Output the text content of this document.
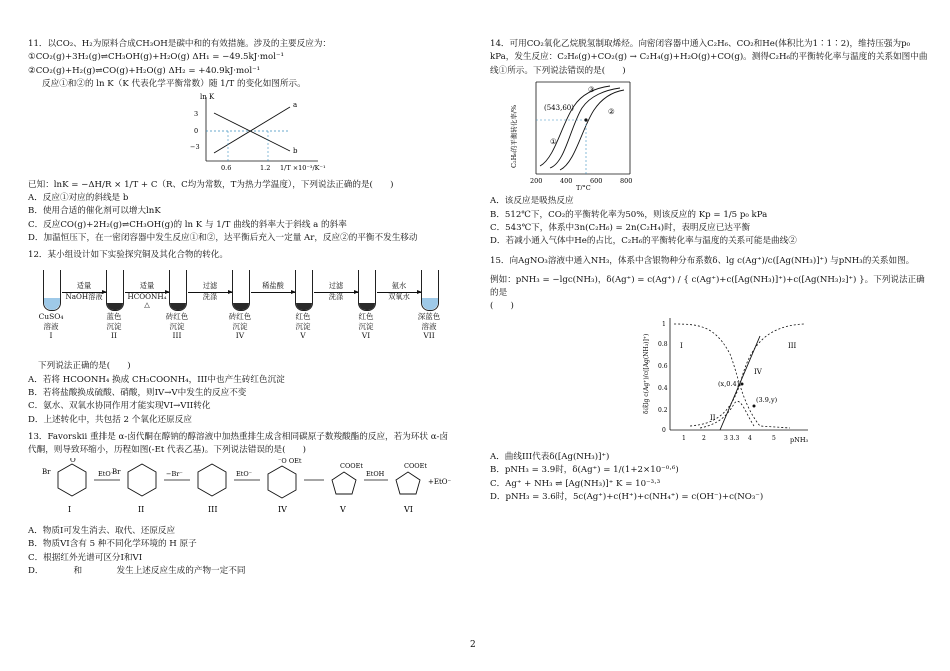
11．以CO₂、H₂为原料合成CH₃OH是碳中和的有效措施。涉及的主要反应为：

①CO₂(g)+3H₂(g)⇌CH₃OH(g)+H₂O(g) ΔH₁ = −49.5kJ·mol⁻¹

②CO₂(g)+H₂(g)⇌CO(g)+H₂O(g) ΔH₂ = +40.9kJ·mol⁻¹

反应①和②的 ln K（K 代表化学平衡常数）随 1/T 的变化如图所示。

ln K
3
0
−3
a
b
0.6	1.2 1/T ×10⁻³/K⁻¹

已知：lnK = −ΔH/R × 1/T + C（R、C均为常数，T为热力学温度），下列说法正确的是(　　)

A．反应①对应的斜线是 b

B．使用合适的催化剂可以增大lnK

C．反应CO(g)+2H₂(g)⇌CH₃OH(g)的 ln K 与 1/T 曲线的斜率大于斜线 a 的斜率

D．加温恒压下，在一密闭容器中发生反应①和②，达平衡后充入一定量 Ar，反应②的平衡不发生移动

12．某小组设计如下实验探究铜及其化合物的转化。

适量
NaOH溶液
适量
HCOONH₄ △
过滤
洗涤
稀盐酸	过滤
洗涤
氨水
双氧水
CuSO₄
溶液
I
蓝色
沉淀
II
砖红色
沉淀
III
砖红色
沉淀
IV
红色
沉淀
V
红色
沉淀
VI
深蓝色
溶液
VII

下列说法正确的是(　　)

A．若将 HCOONH₄ 换成 CH₃COONH₄，III中也产生砖红色沉淀

B．若将盐酸换成硫酸、硝酸，则IV→V中发生的反应不变

C．氨水、双氧水协同作用才能实现VI→VII转化

D．上述转化中，共包括 2 个氧化还原反应

13．Favorskii 重排是 α-卤代酮在醇钠的醇溶液中加热重排生成含相同碳原子数羧酸酯的反应，若为环状 α-卤代酮，则导致环缩小，历程如图(-Et 代表乙基)。下列说法错误的是(　　)

Br
O
I
EtO⁻
Br
II
−Br⁻
III
EtO⁻
⁻O OEt
IV
COOEt
V
EtOH
COOEt
VI
+EtO⁻

A．物质I可发生消去、取代、还原反应

B．物质VI含有 5 种不同化学环境的 H 原子

C．根据红外光谱可区分I和VI

D．　　　　和　　　　发生上述反应生成的产物一定不同

14．可用CO₂氧化乙烷脱氢制取烯烃。向密闭容器中通入C₂H₆、CO₂和He(体积比为1∶1∶2)，维持压强为p₀ kPa，发生反应：C₂H₆(g)+CO₂(g) → C₂H₄(g)+H₂O(g)+CO(g)。测得C₂H₆的平衡转化率与温度的关系如图中曲线①所示。下列说法错误的是(　　)

C₂H₆的平衡转化率/%	(543,60)
①
②
③
200	400	600	800
T/°C

A．该反应是吸热反应

B．512℃下，CO₂的平衡转化率为50%，则该反应的 Kp = 1/5 p₀ kPa

C．543℃下，体系中3n(C₂H₆) = 2n(C₂H₄)时，表明反应已达平衡

D．若减小通入气体中He的占比，C₂H₆的平衡转化率与温度的关系可能是曲线②

15．向AgNO₃溶液中通入NH₃，体系中含银物种分布系数δ、lg c(Ag⁺)/c([Ag(NH₃)]⁺) 与pNH₃的关系如图。

例如：pNH₃ = −lgc(NH₃)，δ(Ag⁺) = c(Ag⁺) / { c(Ag⁺)+c([Ag(NH₃)]⁺)+c([Ag(NH₃)₂]⁺) }。下列说法正确的是

(　　)

δ或lg c(Ag⁺)/c([Ag(NH₃)]⁺)
1
0.8
0.6
0.4
0.2
0
I
II
III
IV
(x,0.4)
(3.9,y)
1	2	3 3.3 4	5 pNH₃

A．曲线III代表δ([Ag(NH₃)]⁺)

B．pNH₃ = 3.9时，δ(Ag⁺) = 1/(1+2×10⁻⁰·⁶)

C．Ag⁺ + NH₃ ⇌ [Ag(NH₃)]⁺ K = 10⁻³·³

D．pNH₃ = 3.6时，5c(Ag⁺)+c(H⁺)+c(NH₄⁺) = c(OH⁻)+c(NO₃⁻)

2
